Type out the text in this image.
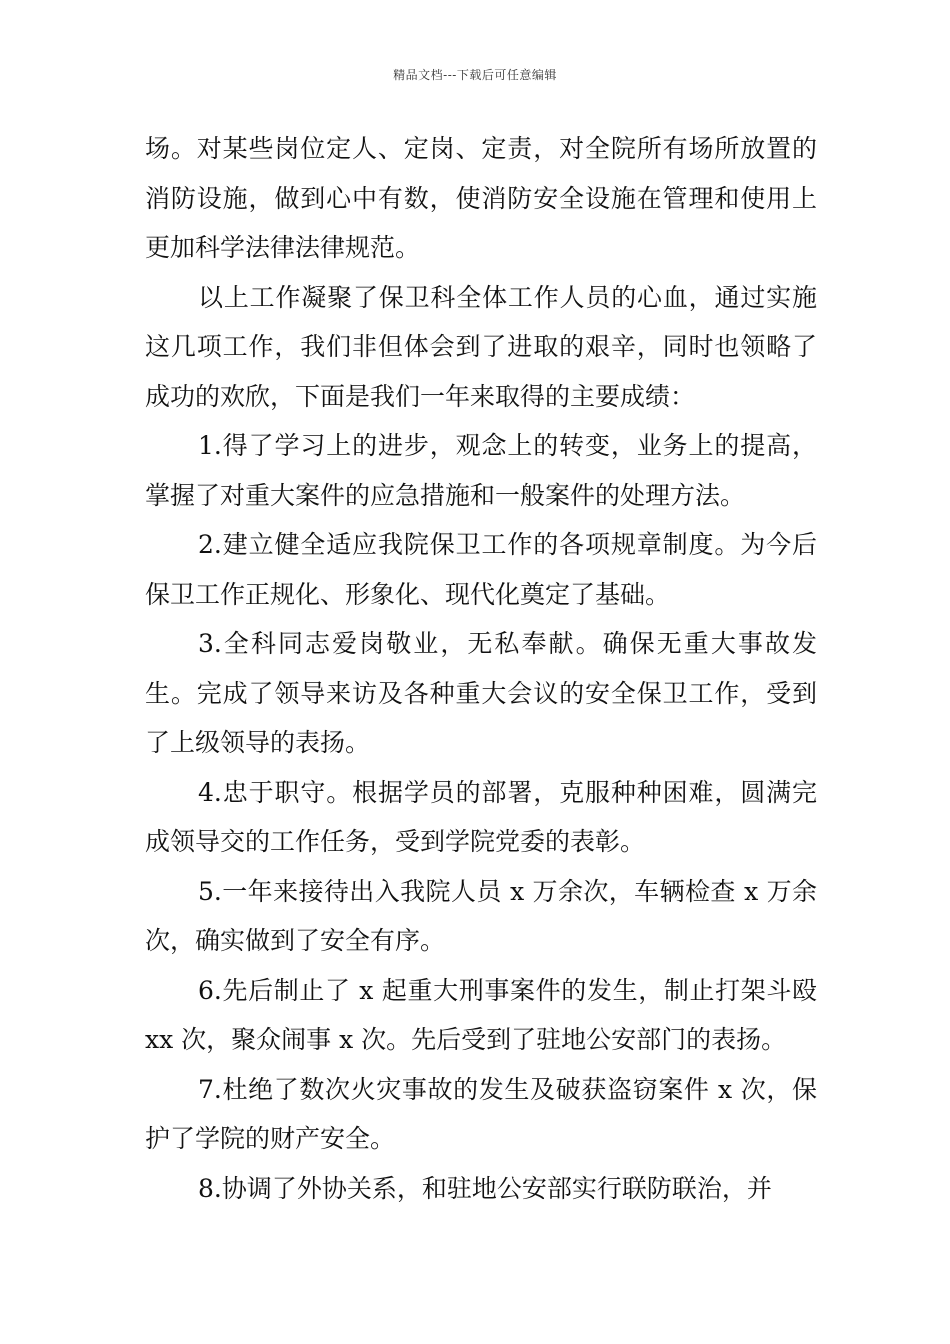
精品文档---下载后可任意编辑

场。对某些岗位定人、定岗、定责，对全院所有场所放置的消防设施，做到心中有数，使消防安全设施在管理和使用上更加科学法律法律规范。

以上工作凝聚了保卫科全体工作人员的心血，通过实施这几项工作，我们非但体会到了进取的艰辛，同时也领略了成功的欢欣，下面是我们一年来取得的主要成绩：

1.得了学习上的进步，观念上的转变，业务上的提高，掌握了对重大案件的应急措施和一般案件的处理方法。

2.建立健全适应我院保卫工作的各项规章制度。为今后保卫工作正规化、形象化、现代化奠定了基础。

3.全科同志爱岗敬业，无私奉献。确保无重大事故发生。完成了领导来访及各种重大会议的安全保卫工作，受到了上级领导的表扬。

4.忠于职守。根据学员的部署，克服种种困难，圆满完成领导交的工作任务，受到学院党委的表彰。

5.一年来接待出入我院人员 x 万余次，车辆检查 x 万余次，确实做到了安全有序。

6.先后制止了 x 起重大刑事案件的发生，制止打架斗殴 xx 次，聚众闹事 x 次。先后受到了驻地公安部门的表扬。

7.杜绝了数次火灾事故的发生及破获盗窃案件 x 次，保护了学院的财产安全。

8.协调了外协关系，和驻地公安部实行联防联治，并
